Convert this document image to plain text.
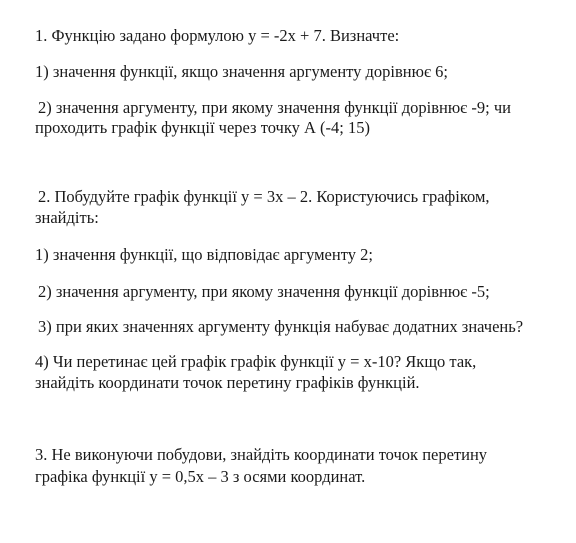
1. Функцію задано формулою y = -2x + 7. Визначте:
1) значення функції, якщо значення аргументу дорівнює 6;
2) значення аргументу, при якому значення функції дорівнює -9; чи
проходить графік функції через точку А (-4; 15)
2. Побудуйте графік функції y = 3x – 2. Користуючись графіком,
знайдіть:
1) значення функції, що відповідає аргументу 2;
2) значення аргументу, при якому значення функції дорівнює -5;
3) при яких значеннях аргументу функція набуває додатних значень?
4) Чи перетинає цей графік графік функції y = x-10? Якщо так,
знайдіть координати точок перетину графіків функцій.
3. Не виконуючи побудови, знайдіть координати точок перетину
графіка функції y = 0,5x – 3 з осями координат.
